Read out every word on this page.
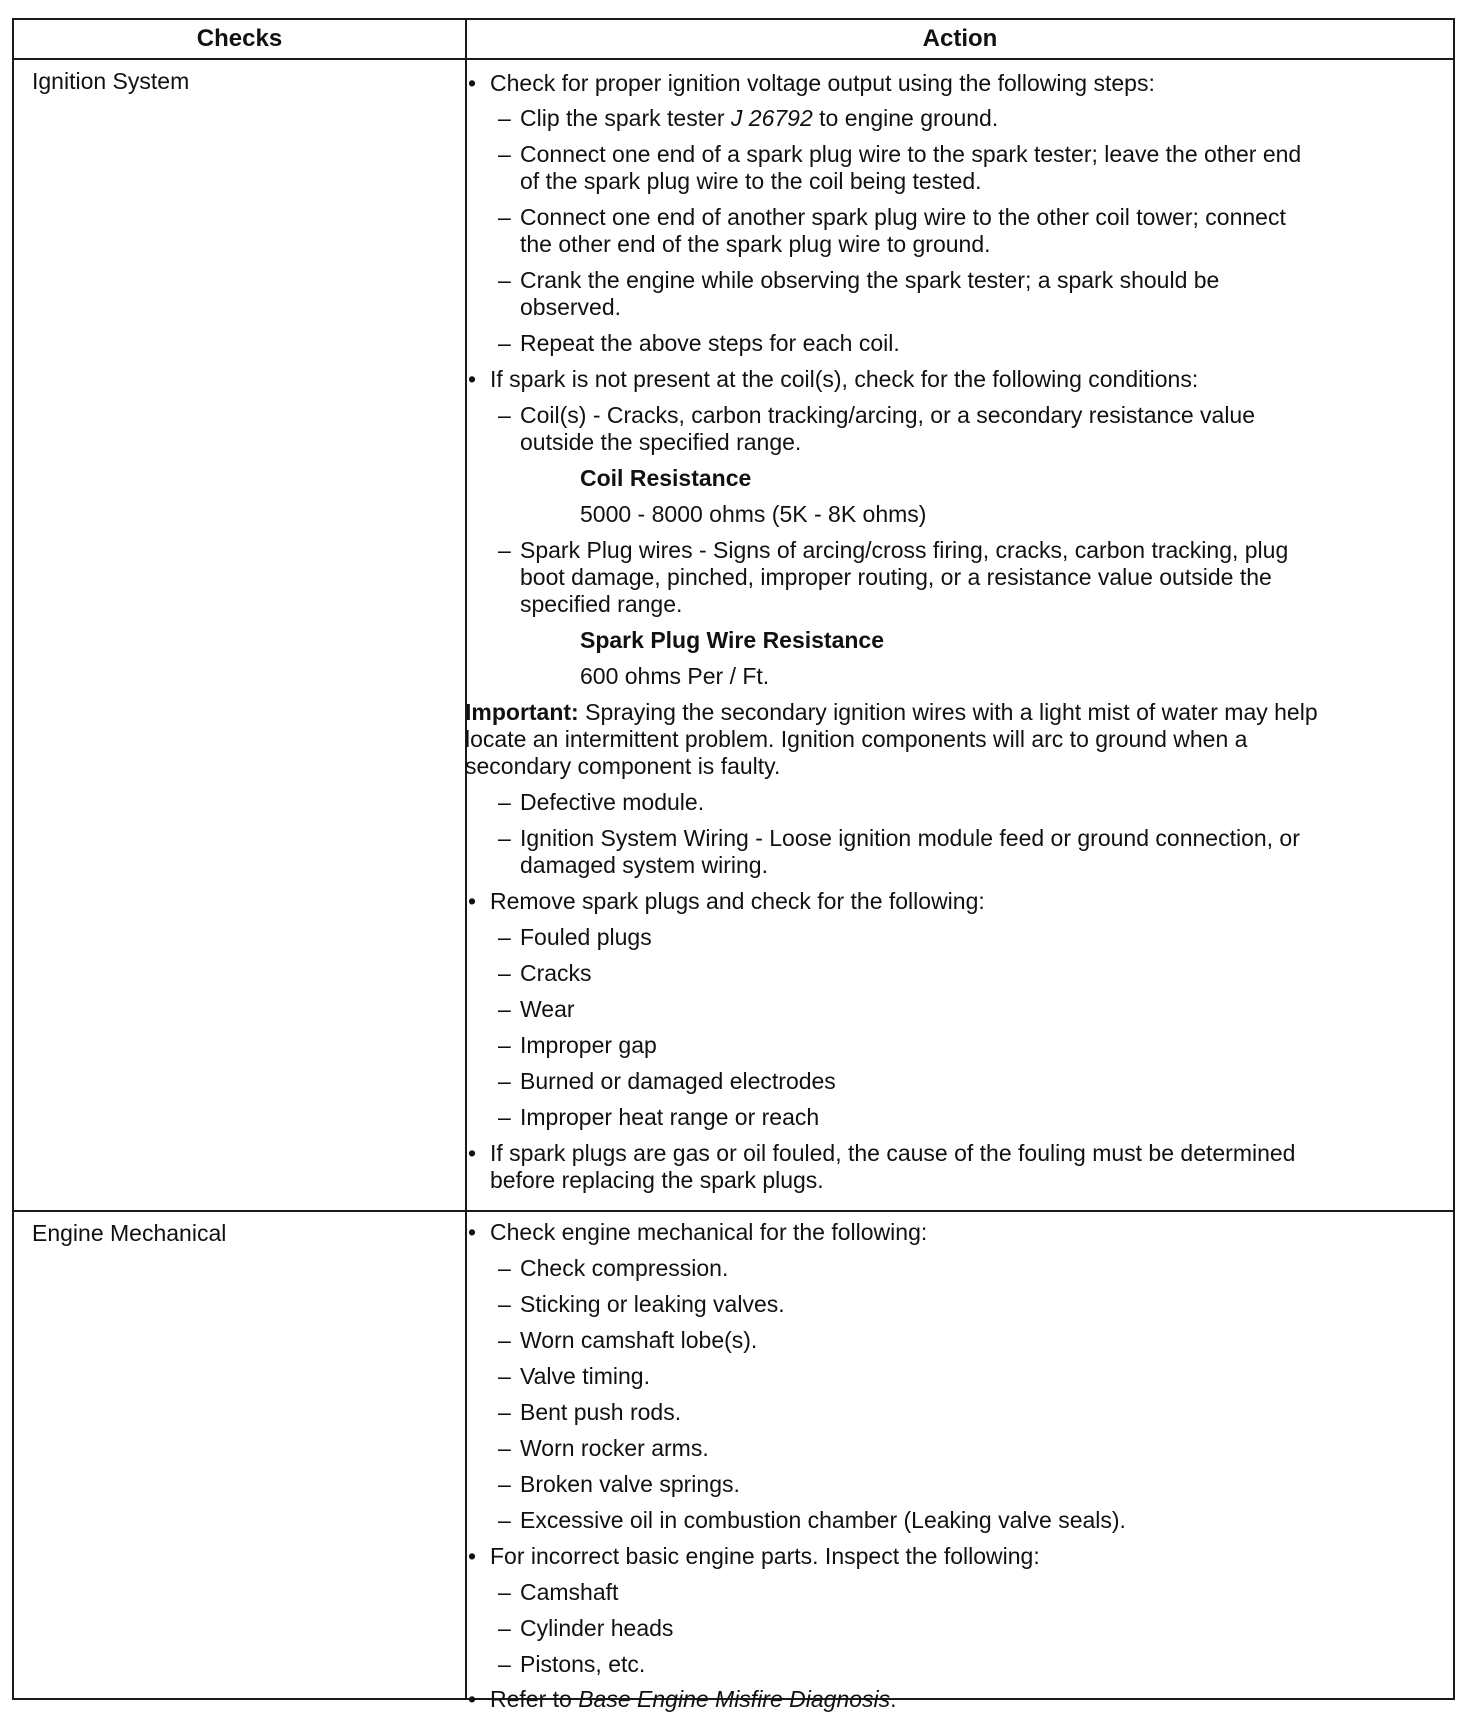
Checks	Action
Ignition System
Engine Mechanical
• Check for proper ignition voltage output using the following steps:
– Clip the spark tester J 26792 to engine ground.
– Connect one end of a spark plug wire to the spark tester; leave the other end
of the spark plug wire to the coil being tested.
– Connect one end of another spark plug wire to the other coil tower; connect
the other end of the spark plug wire to ground.
– Crank the engine while observing the spark tester; a spark should be
observed.
– Repeat the above steps for each coil.
• If spark is not present at the coil(s), check for the following conditions:
– Coil(s) - Cracks, carbon tracking/arcing, or a secondary resistance value
outside the specified range.
Coil Resistance
5000 - 8000 ohms (5K - 8K ohms)
– Spark Plug wires - Signs of arcing/cross firing, cracks, carbon tracking, plug
boot damage, pinched, improper routing, or a resistance value outside the
specified range.
Spark Plug Wire Resistance
600 ohms Per / Ft.
Important: Spraying the secondary ignition wires with a light mist of water may help
locate an intermittent problem. Ignition components will arc to ground when a
secondary component is faulty.
– Defective module.
– Ignition System Wiring - Loose ignition module feed or ground connection, or
damaged system wiring.
• Remove spark plugs and check for the following:
– Fouled plugs
– Cracks
– Wear
– Improper gap
– Burned or damaged electrodes
– Improper heat range or reach
• If spark plugs are gas or oil fouled, the cause of the fouling must be determined
before replacing the spark plugs.
• Check engine mechanical for the following:
– Check compression.
– Sticking or leaking valves.
– Worn camshaft lobe(s).
– Valve timing.
– Bent push rods.
– Worn rocker arms.
– Broken valve springs.
– Excessive oil in combustion chamber (Leaking valve seals).
• For incorrect basic engine parts. Inspect the following:
– Camshaft
– Cylinder heads
– Pistons, etc.
• Refer to Base Engine Misfire Diagnosis.
